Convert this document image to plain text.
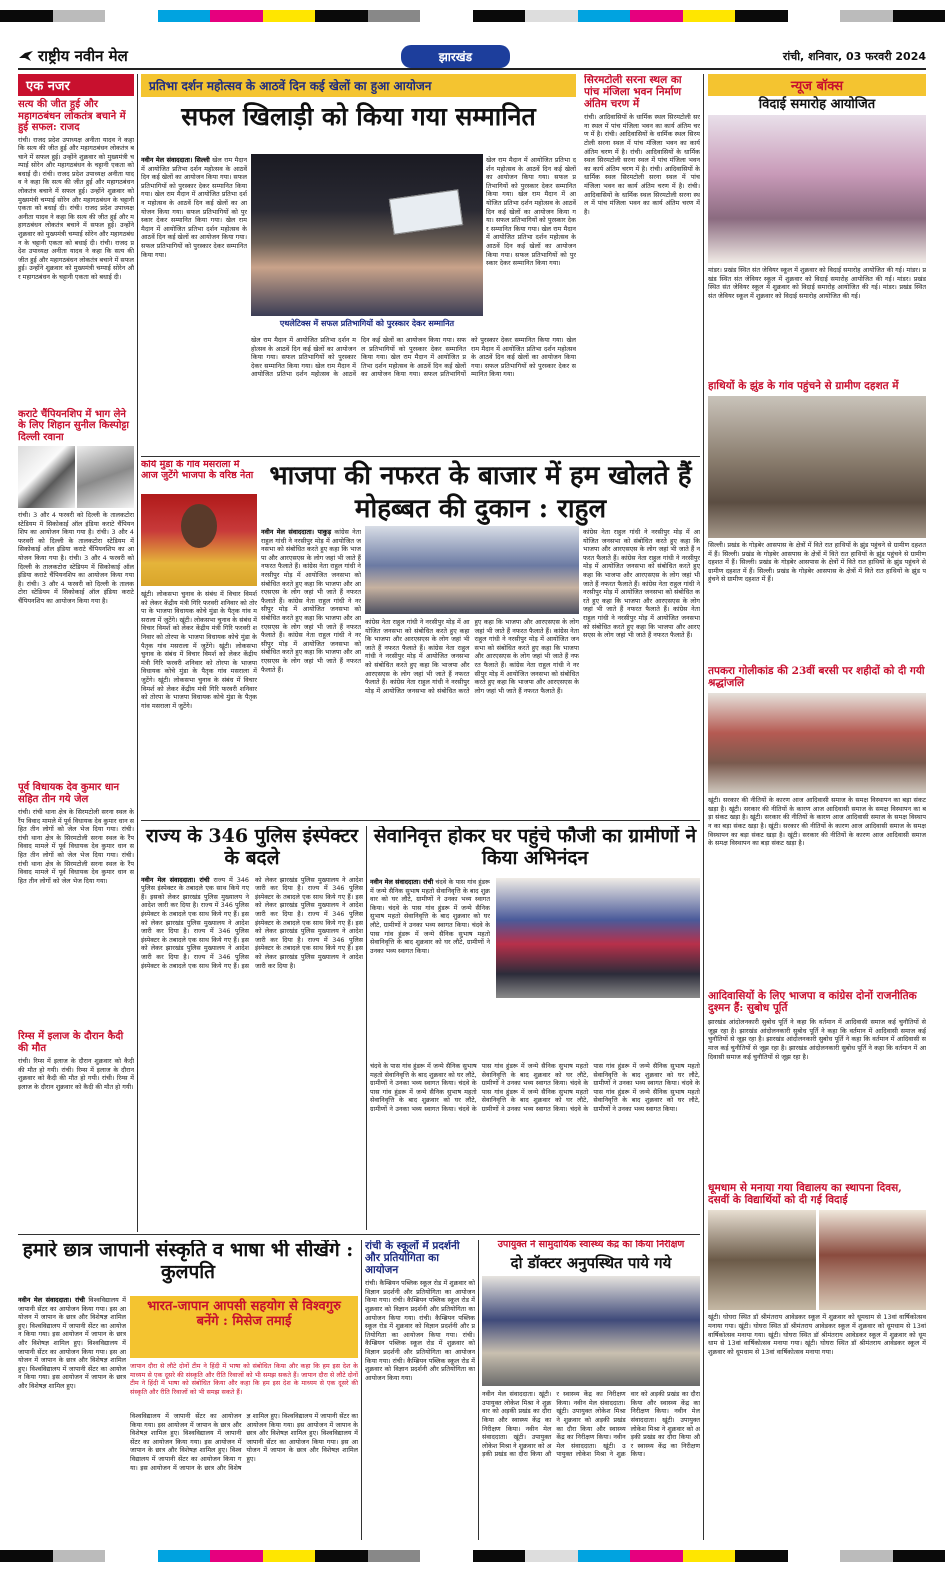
राष्ट्रीय नवीन मेल	झारखंड	रांची, शनिवार, 03 फरवरी 2024
एक नजर
सत्य की जीत हुई और महागठबंधन लोकतंत्र बचाने में हुई सफल: राजद
रांची। राजद प्रदेश उपाध्यक्ष अनीता यादव ने कहा कि सत्य की जीत हुई और महागठबंधन लोकतंत्र बचाने में सफल हुई। उन्होंने शुक्रवार को मुख्यमंत्री चम्पाई सोरेन और महागठबंधन के चट्टानी एकता को बधाई दी। रांची। राजद प्रदेश उपाध्यक्ष अनीता यादव ने कहा कि सत्य की जीत हुई और महागठबंधन लोकतंत्र बचाने में सफल हुई। उन्होंने शुक्रवार को मुख्यमंत्री चम्पाई सोरेन और महागठबंधन के चट्टानी एकता को बधाई दी। रांची। राजद प्रदेश उपाध्यक्ष अनीता यादव ने कहा कि सत्य की जीत हुई और महागठबंधन लोकतंत्र बचाने में सफल हुई। उन्होंने शुक्रवार को मुख्यमंत्री चम्पाई सोरेन और महागठबंधन के चट्टानी एकता को बधाई दी। रांची। राजद प्रदेश उपाध्यक्ष अनीता यादव ने कहा कि सत्य की जीत हुई और महागठबंधन लोकतंत्र बचाने में सफल हुई। उन्होंने शुक्रवार को मुख्यमंत्री चम्पाई सोरेन और महागठबंधन के चट्टानी एकता को बधाई दी।
कराटे चैंपियनशिप में भाग लेने के लिए शिहान सुनील किस्पोट्टा दिल्ली रवाना
रांची। 3 और 4 फरवरी को दिल्ली के तालकटोरा स्टेडियम में सिकोकाई ऑल इंडिया कराटे चैंपियनशिप का आयोजन किया गया है। रांची। 3 और 4 फरवरी को दिल्ली के तालकटोरा स्टेडियम में सिकोकाई ऑल इंडिया कराटे चैंपियनशिप का आयोजन किया गया है। रांची। 3 और 4 फरवरी को दिल्ली के तालकटोरा स्टेडियम में सिकोकाई ऑल इंडिया कराटे चैंपियनशिप का आयोजन किया गया है। रांची। 3 और 4 फरवरी को दिल्ली के तालकटोरा स्टेडियम में सिकोकाई ऑल इंडिया कराटे चैंपियनशिप का आयोजन किया गया है।
पूर्व विधायक देव कुमार धान सहित तीन गये जेल
रांची। रांची थाना क्षेत्र के सिरमटोली सरना स्थल के रैंप विवाद मामले में पूर्व विधायक देव कुमार धान सहित तीन लोगों को जेल भेज दिया गया। रांची। रांची थाना क्षेत्र के सिरमटोली सरना स्थल के रैंप विवाद मामले में पूर्व विधायक देव कुमार धान सहित तीन लोगों को जेल भेज दिया गया। रांची। रांची थाना क्षेत्र के सिरमटोली सरना स्थल के रैंप विवाद मामले में पूर्व विधायक देव कुमार धान सहित तीन लोगों को जेल भेज दिया गया।
रिम्स में इलाज के दौरान कैदी की मौत
रांची। रिम्स में इलाज के दौरान शुक्रवार को कैदी की मौत हो गयी। रांची। रिम्स में इलाज के दौरान शुक्रवार को कैदी की मौत हो गयी। रांची। रिम्स में इलाज के दौरान शुक्रवार को कैदी की मौत हो गयी।
प्रतिभा दर्शन महोत्सव के आठवें दिन कई खेलों का हुआ आयोजन
सफल खिलाड़ी को किया गया सम्मानित
नवीन मेल संवाददाता। सिल्ली खेल राम मैदान में आयोजित प्रतिभा दर्शन महोत्सव के आठवें दिन कई खेलों का आयोजन किया गया। सफल प्रतिभागियों को पुरस्कार देकर सम्मानित किया गया। खेल राम मैदान में आयोजित प्रतिभा दर्शन महोत्सव के आठवें दिन कई खेलों का आयोजन किया गया। सफल प्रतिभागियों को पुरस्कार देकर सम्मानित किया गया। खेल राम मैदान में आयोजित प्रतिभा दर्शन महोत्सव के आठवें दिन कई खेलों का आयोजन किया गया। सफल प्रतिभागियों को पुरस्कार देकर सम्मानित किया गया।
एथलेटिक्स में सफल प्रतिभागियों को पुरस्कार देकर सम्मानित
खेल राम मैदान में आयोजित प्रतिभा दर्शन महोत्सव के आठवें दिन कई खेलों का आयोजन किया गया। सफल प्रतिभागियों को पुरस्कार देकर सम्मानित किया गया। खेल राम मैदान में आयोजित प्रतिभा दर्शन महोत्सव के आठवें दिन कई खेलों का आयोजन किया गया। सफल प्रतिभागियों को पुरस्कार देकर सम्मानित किया गया। खेल राम मैदान में आयोजित प्रतिभा दर्शन महोत्सव के आठवें दिन कई खेलों का आयोजन किया गया। सफल प्रतिभागियों को पुरस्कार देकर सम्मानित किया गया।
खेल राम मैदान में आयोजित प्रतिभा दर्शन महोत्सव के आठवें दिन कई खेलों का आयोजन किया गया। सफल प्रतिभागियों को पुरस्कार देकर सम्मानित किया गया। खेल राम मैदान में आयोजित प्रतिभा दर्शन महोत्सव के आठवें दिन कई खेलों का आयोजन किया गया। सफल प्रतिभागियों को पुरस्कार देकर सम्मानित किया गया। खेल राम मैदान में आयोजित प्रतिभा दर्शन महोत्सव के आठवें दिन कई खेलों का आयोजन किया गया। सफल प्रतिभागियों को पुरस्कार देकर सम्मानित किया गया। खेल राम मैदान में आयोजित प्रतिभा दर्शन महोत्सव के आठवें दिन कई खेलों का आयोजन किया गया। सफल प्रतिभागियों को पुरस्कार देकर सम्मानित किया गया।
सिरमटोली सरना स्थल का पांच मंजिला भवन निर्माण अंतिम चरण में
रांची। आदिवासियों के धार्मिक स्थल सिरमटोली सरना स्थल में पांच मंजिला भवन का कार्य अंतिम चरण में है। रांची। आदिवासियों के धार्मिक स्थल सिरमटोली सरना स्थल में पांच मंजिला भवन का कार्य अंतिम चरण में है। रांची। आदिवासियों के धार्मिक स्थल सिरमटोली सरना स्थल में पांच मंजिला भवन का कार्य अंतिम चरण में है। रांची। आदिवासियों के धार्मिक स्थल सिरमटोली सरना स्थल में पांच मंजिला भवन का कार्य अंतिम चरण में है। रांची। आदिवासियों के धार्मिक स्थल सिरमटोली सरना स्थल में पांच मंजिला भवन का कार्य अंतिम चरण में है।
न्यूज बॉक्स
विदाई समारोह आयोजित
मांडर। प्रखंड स्थित संत जेवियर स्कूल में शुक्रवार को विदाई समारोह आयोजित की गई। मांडर। प्रखंड स्थित संत जेवियर स्कूल में शुक्रवार को विदाई समारोह आयोजित की गई। मांडर। प्रखंड स्थित संत जेवियर स्कूल में शुक्रवार को विदाई समारोह आयोजित की गई। मांडर। प्रखंड स्थित संत जेवियर स्कूल में शुक्रवार को विदाई समारोह आयोजित की गई।
हाथियों के झुंड के गांव पहुंचने से ग्रामीण दहशत में
सिल्ली। प्रखंड के गोड़बेर आसपास के क्षेत्रों में विते रात हाथियों के झुंड पहुंचने से ग्रामीण दहशत में हैं। सिल्ली। प्रखंड के गोड़बेर आसपास के क्षेत्रों में विते रात हाथियों के झुंड पहुंचने से ग्रामीण दहशत में हैं। सिल्ली। प्रखंड के गोड़बेर आसपास के क्षेत्रों में विते रात हाथियों के झुंड पहुंचने से ग्रामीण दहशत में हैं। सिल्ली। प्रखंड के गोड़बेर आसपास के क्षेत्रों में विते रात हाथियों के झुंड पहुंचने से ग्रामीण दहशत में हैं।
तपकरा गोलीकांड की 23वीं बरसी पर शहीदों को दी गयी श्रद्धांजलि
खूंटी। सरकार की नीतियों के कारण आज आदिवासी समाज के समक्ष विस्थापन का बड़ा संकट खड़ा है। खूंटी। सरकार की नीतियों के कारण आज आदिवासी समाज के समक्ष विस्थापन का बड़ा संकट खड़ा है। खूंटी। सरकार की नीतियों के कारण आज आदिवासी समाज के समक्ष विस्थापन का बड़ा संकट खड़ा है। खूंटी। सरकार की नीतियों के कारण आज आदिवासी समाज के समक्ष विस्थापन का बड़ा संकट खड़ा है। खूंटी। सरकार की नीतियों के कारण आज आदिवासी समाज के समक्ष विस्थापन का बड़ा संकट खड़ा है।
आदिवासियों के लिए भाजपा व कांग्रेस दोनों राजनीतिक दुश्मन हैं: सुबोध पूर्ति
झारखंड आंदोलनकारी सुबोध पूर्ति ने कहा कि वर्तमान में आदिवासी समाज कई चुनौतियों से जूझ रहा है। झारखंड आंदोलनकारी सुबोध पूर्ति ने कहा कि वर्तमान में आदिवासी समाज कई चुनौतियों से जूझ रहा है। झारखंड आंदोलनकारी सुबोध पूर्ति ने कहा कि वर्तमान में आदिवासी समाज कई चुनौतियों से जूझ रहा है। झारखंड आंदोलनकारी सुबोध पूर्ति ने कहा कि वर्तमान में आदिवासी समाज कई चुनौतियों से जूझ रहा है।
धूमधाम से मनाया गया विद्यालय का स्थापना दिवस, दसवीं के विद्यार्थियों को दी गई विदाई
खूंटी। घोघरा स्थित डॉ श्रीमंतराय आवेडकर स्कूल में शुक्रवार को धूमधाम से 13वां वार्षिकोत्सव मनाया गया। खूंटी। घोघरा स्थित डॉ श्रीमंतराय आवेडकर स्कूल में शुक्रवार को धूमधाम से 13वां वार्षिकोत्सव मनाया गया। खूंटी। घोघरा स्थित डॉ श्रीमंतराय आवेडकर स्कूल में शुक्रवार को धूमधाम से 13वां वार्षिकोत्सव मनाया गया। खूंटी। घोघरा स्थित डॉ श्रीमंतराय आवेडकर स्कूल में शुक्रवार को धूमधाम से 13वां वार्षिकोत्सव मनाया गया।
कोये मुंडा के गांव मसराला में आज जुटेंगे भाजपा के वरिष्ठ नेता
खूंटी। लोकसभा चुनाव के संबंध में विचार विमर्श को लेकर केंद्रीय मंत्री गिरि फरवरी शनिवार को तोरपा के भाजपा विधायक कोचे मुंडा के पैतृक गांव मसराला में जुटेंगे। खूंटी। लोकसभा चुनाव के संबंध में विचार विमर्श को लेकर केंद्रीय मंत्री गिरि फरवरी शनिवार को तोरपा के भाजपा विधायक कोचे मुंडा के पैतृक गांव मसराला में जुटेंगे। खूंटी। लोकसभा चुनाव के संबंध में विचार विमर्श को लेकर केंद्रीय मंत्री गिरि फरवरी शनिवार को तोरपा के भाजपा विधायक कोचे मुंडा के पैतृक गांव मसराला में जुटेंगे। खूंटी। लोकसभा चुनाव के संबंध में विचार विमर्श को लेकर केंद्रीय मंत्री गिरि फरवरी शनिवार को तोरपा के भाजपा विधायक कोचे मुंडा के पैतृक गांव मसराला में जुटेंगे।
भाजपा की नफरत के बाजार में हम खोलते हैं मोहब्बत की दुकान : राहुल
नवीन मेल संवाददाता। पाकुड़ कांग्रेस नेता राहुल गांधी ने नरसीपुर मोड़ में आयोजित जनसभा को संबोधित करते हुए कहा कि भाजपा और आरएसएस के लोग जहां भी जाते हैं नफरत फैलाते हैं। कांग्रेस नेता राहुल गांधी ने नरसीपुर मोड़ में आयोजित जनसभा को संबोधित करते हुए कहा कि भाजपा और आरएसएस के लोग जहां भी जाते हैं नफरत फैलाते हैं। कांग्रेस नेता राहुल गांधी ने नरसीपुर मोड़ में आयोजित जनसभा को संबोधित करते हुए कहा कि भाजपा और आरएसएस के लोग जहां भी जाते हैं नफरत फैलाते हैं। कांग्रेस नेता राहुल गांधी ने नरसीपुर मोड़ में आयोजित जनसभा को संबोधित करते हुए कहा कि भाजपा और आरएसएस के लोग जहां भी जाते हैं नफरत फैलाते हैं।
कांग्रेस नेता राहुल गांधी ने नरसीपुर मोड़ में आयोजित जनसभा को संबोधित करते हुए कहा कि भाजपा और आरएसएस के लोग जहां भी जाते हैं नफरत फैलाते हैं। कांग्रेस नेता राहुल गांधी ने नरसीपुर मोड़ में आयोजित जनसभा को संबोधित करते हुए कहा कि भाजपा और आरएसएस के लोग जहां भी जाते हैं नफरत फैलाते हैं। कांग्रेस नेता राहुल गांधी ने नरसीपुर मोड़ में आयोजित जनसभा को संबोधित करते हुए कहा कि भाजपा और आरएसएस के लोग जहां भी जाते हैं नफरत फैलाते हैं। कांग्रेस नेता राहुल गांधी ने नरसीपुर मोड़ में आयोजित जनसभा को संबोधित करते हुए कहा कि भाजपा और आरएसएस के लोग जहां भी जाते हैं नफरत फैलाते हैं। कांग्रेस नेता राहुल गांधी ने नरसीपुर मोड़ में आयोजित जनसभा को संबोधित करते हुए कहा कि भाजपा और आरएसएस के लोग जहां भी जाते हैं नफरत फैलाते हैं।
कांग्रेस नेता राहुल गांधी ने नरसीपुर मोड़ में आयोजित जनसभा को संबोधित करते हुए कहा कि भाजपा और आरएसएस के लोग जहां भी जाते हैं नफरत फैलाते हैं। कांग्रेस नेता राहुल गांधी ने नरसीपुर मोड़ में आयोजित जनसभा को संबोधित करते हुए कहा कि भाजपा और आरएसएस के लोग जहां भी जाते हैं नफरत फैलाते हैं। कांग्रेस नेता राहुल गांधी ने नरसीपुर मोड़ में आयोजित जनसभा को संबोधित करते हुए कहा कि भाजपा और आरएसएस के लोग जहां भी जाते हैं नफरत फैलाते हैं। कांग्रेस नेता राहुल गांधी ने नरसीपुर मोड़ में आयोजित जनसभा को संबोधित करते हुए कहा कि भाजपा और आरएसएस के लोग जहां भी जाते हैं नफरत फैलाते हैं।
राज्य के 346 पुलिस इंस्पेक्टर के बदले
नवीन मेल संवाददाता। रांची राज्य में 346 पुलिस इंस्पेक्टर के तबादले एक साथ किये गए हैं। इसको लेकर झारखंड पुलिस मुख्यालय ने आदेश जारी कर दिया है। राज्य में 346 पुलिस इंस्पेक्टर के तबादले एक साथ किये गए हैं। इसको लेकर झारखंड पुलिस मुख्यालय ने आदेश जारी कर दिया है। राज्य में 346 पुलिस इंस्पेक्टर के तबादले एक साथ किये गए हैं। इसको लेकर झारखंड पुलिस मुख्यालय ने आदेश जारी कर दिया है। राज्य में 346 पुलिस इंस्पेक्टर के तबादले एक साथ किये गए हैं। इसको लेकर झारखंड पुलिस मुख्यालय ने आदेश जारी कर दिया है। राज्य में 346 पुलिस इंस्पेक्टर के तबादले एक साथ किये गए हैं। इसको लेकर झारखंड पुलिस मुख्यालय ने आदेश जारी कर दिया है। राज्य में 346 पुलिस इंस्पेक्टर के तबादले एक साथ किये गए हैं। इसको लेकर झारखंड पुलिस मुख्यालय ने आदेश जारी कर दिया है। राज्य में 346 पुलिस इंस्पेक्टर के तबादले एक साथ किये गए हैं। इसको लेकर झारखंड पुलिस मुख्यालय ने आदेश जारी कर दिया है।
सेवानिवृत्त होकर घर पहुंचे फौजी का ग्रामीणों ने किया अभिनंदन
नवीन मेल संवाददाता। रांची चंदवे के पास गांव हुंडरू में जन्मे सैनिक सुभाष महतो सेवानिवृत्ति के बाद शुक्रवार को घर लौटे, ग्रामीणों ने उनका भव्य स्वागत किया। चंदवे के पास गांव हुंडरू में जन्मे सैनिक सुभाष महतो सेवानिवृत्ति के बाद शुक्रवार को घर लौटे, ग्रामीणों ने उनका भव्य स्वागत किया। चंदवे के पास गांव हुंडरू में जन्मे सैनिक सुभाष महतो सेवानिवृत्ति के बाद शुक्रवार को घर लौटे, ग्रामीणों ने उनका भव्य स्वागत किया।
चंदवे के पास गांव हुंडरू में जन्मे सैनिक सुभाष महतो सेवानिवृत्ति के बाद शुक्रवार को घर लौटे, ग्रामीणों ने उनका भव्य स्वागत किया। चंदवे के पास गांव हुंडरू में जन्मे सैनिक सुभाष महतो सेवानिवृत्ति के बाद शुक्रवार को घर लौटे, ग्रामीणों ने उनका भव्य स्वागत किया। चंदवे के पास गांव हुंडरू में जन्मे सैनिक सुभाष महतो सेवानिवृत्ति के बाद शुक्रवार को घर लौटे, ग्रामीणों ने उनका भव्य स्वागत किया। चंदवे के पास गांव हुंडरू में जन्मे सैनिक सुभाष महतो सेवानिवृत्ति के बाद शुक्रवार को घर लौटे, ग्रामीणों ने उनका भव्य स्वागत किया। चंदवे के पास गांव हुंडरू में जन्मे सैनिक सुभाष महतो सेवानिवृत्ति के बाद शुक्रवार को घर लौटे, ग्रामीणों ने उनका भव्य स्वागत किया। चंदवे के पास गांव हुंडरू में जन्मे सैनिक सुभाष महतो सेवानिवृत्ति के बाद शुक्रवार को घर लौटे, ग्रामीणों ने उनका भव्य स्वागत किया।
हमारे छात्र जापानी संस्कृति व भाषा भी सीखेंगे : कुलपति
नवीन मेल संवाददाता। रांची विश्वविद्यालय में जापानी सेंटर का आयोजन किया गया। इस आयोजन में जापान के छात्र और विशेषज्ञ शामिल हुए। विश्वविद्यालय में जापानी सेंटर का आयोजन किया गया। इस आयोजन में जापान के छात्र और विशेषज्ञ शामिल हुए। विश्वविद्यालय में जापानी सेंटर का आयोजन किया गया। इस आयोजन में जापान के छात्र और विशेषज्ञ शामिल हुए। विश्वविद्यालय में जापानी सेंटर का आयोजन किया गया। इस आयोजन में जापान के छात्र और विशेषज्ञ शामिल हुए।
भारत-जापान आपसी सहयोग से विश्वगुरु बनेंगे : मिसेज तमाई
जापान दौरा से लौटे दोनों टीम ने हिंदी में भाषा को संबोधित किया और कहा कि हम इस देश के माध्यम से एक दूसरे की संस्कृति और रीति रिवाजों को भी समझ सकते हैं। जापान दौरा से लौटे दोनों टीम ने हिंदी में भाषा को संबोधित किया और कहा कि हम इस देश के माध्यम से एक दूसरे की संस्कृति और रीति रिवाजों को भी समझ सकते हैं।
विश्वविद्यालय में जापानी सेंटर का आयोजन किया गया। इस आयोजन में जापान के छात्र और विशेषज्ञ शामिल हुए। विश्वविद्यालय में जापानी सेंटर का आयोजन किया गया। इस आयोजन में जापान के छात्र और विशेषज्ञ शामिल हुए। विश्वविद्यालय में जापानी सेंटर का आयोजन किया गया। इस आयोजन में जापान के छात्र और विशेषज्ञ शामिल हुए। विश्वविद्यालय में जापानी सेंटर का आयोजन किया गया। इस आयोजन में जापान के छात्र और विशेषज्ञ शामिल हुए। विश्वविद्यालय में जापानी सेंटर का आयोजन किया गया। इस आयोजन में जापान के छात्र और विशेषज्ञ शामिल हुए।
रांची के स्कूलों में प्रदर्शनी और प्रतियोगिता का आयोजन
रांची। कैम्ब्रियन पब्लिक स्कूल रोड में शुक्रवार को विज्ञान प्रदर्शनी और प्रतियोगिता का आयोजन किया गया। रांची। कैम्ब्रियन पब्लिक स्कूल रोड में शुक्रवार को विज्ञान प्रदर्शनी और प्रतियोगिता का आयोजन किया गया। रांची। कैम्ब्रियन पब्लिक स्कूल रोड में शुक्रवार को विज्ञान प्रदर्शनी और प्रतियोगिता का आयोजन किया गया। रांची। कैम्ब्रियन पब्लिक स्कूल रोड में शुक्रवार को विज्ञान प्रदर्शनी और प्रतियोगिता का आयोजन किया गया। रांची। कैम्ब्रियन पब्लिक स्कूल रोड में शुक्रवार को विज्ञान प्रदर्शनी और प्रतियोगिता का आयोजन किया गया।
उपायुक्त ने सामुदायिक स्वास्थ्य केंद्र का किया निरीक्षण
दो डॉक्टर अनुपस्थित पाये गये
नवीन मेल संवाददाता। खूंटी। उपायुक्त लोकेश मिश्रा ने शुक्रवार को अड़की प्रखंड का दौरा किया और स्वास्थ्य केंद्र का निरीक्षण किया। नवीन मेल संवाददाता। खूंटी। उपायुक्त लोकेश मिश्रा ने शुक्रवार को अड़की प्रखंड का दौरा किया और स्वास्थ्य केंद्र का निरीक्षण किया। नवीन मेल संवाददाता। खूंटी। उपायुक्त लोकेश मिश्रा ने शुक्रवार को अड़की प्रखंड का दौरा किया और स्वास्थ्य केंद्र का निरीक्षण किया। नवीन मेल संवाददाता। खूंटी। उपायुक्त लोकेश मिश्रा ने शुक्रवार को अड़की प्रखंड का दौरा किया और स्वास्थ्य केंद्र का निरीक्षण किया। नवीन मेल संवाददाता। खूंटी। उपायुक्त लोकेश मिश्रा ने शुक्रवार को अड़की प्रखंड का दौरा किया और स्वास्थ्य केंद्र का निरीक्षण किया।
